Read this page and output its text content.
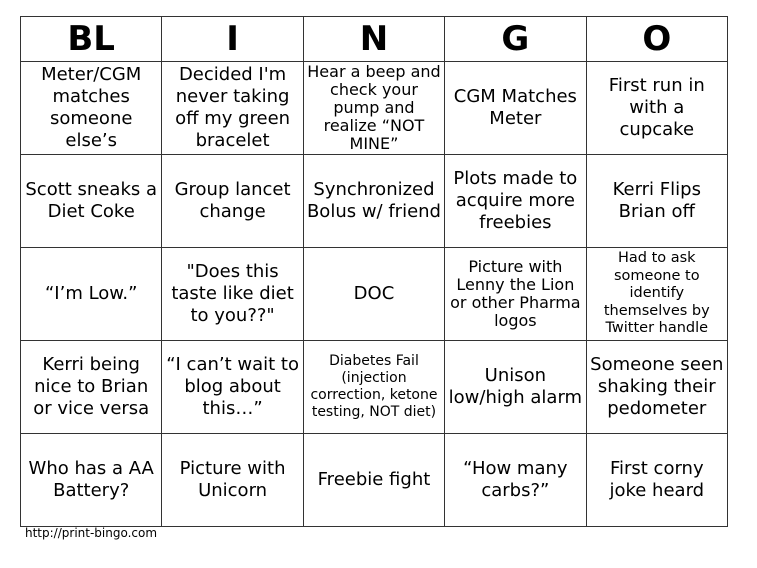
BL	I	N	G	O
Meter/CGM matches someone else’s	Decided I'm never taking off my green bracelet	Hear a beep and check your pump and realize “NOT MINE”	CGM Matches Meter	First run in with a cupcake
Scott sneaks a Diet Coke	Group lancet change	Synchronized Bolus w/ friend	Plots made to acquire more freebies	Kerri Flips Brian off
“I’m Low.”	"Does this taste like diet to you??"	DOC	Picture with Lenny the Lion or other Pharma logos	Had to ask someone to identify themselves by Twitter handle
Kerri being nice to Brian or vice versa	“I can’t wait to blog about this…”	Diabetes Fail (injection correction, ketone testing, NOT diet)	Unison low/high alarm	Someone seen shaking their pedometer
Who has a AA Battery?	Picture with Unicorn	Freebie fight	“How many carbs?”	First corny joke heard
http://print-bingo.com
